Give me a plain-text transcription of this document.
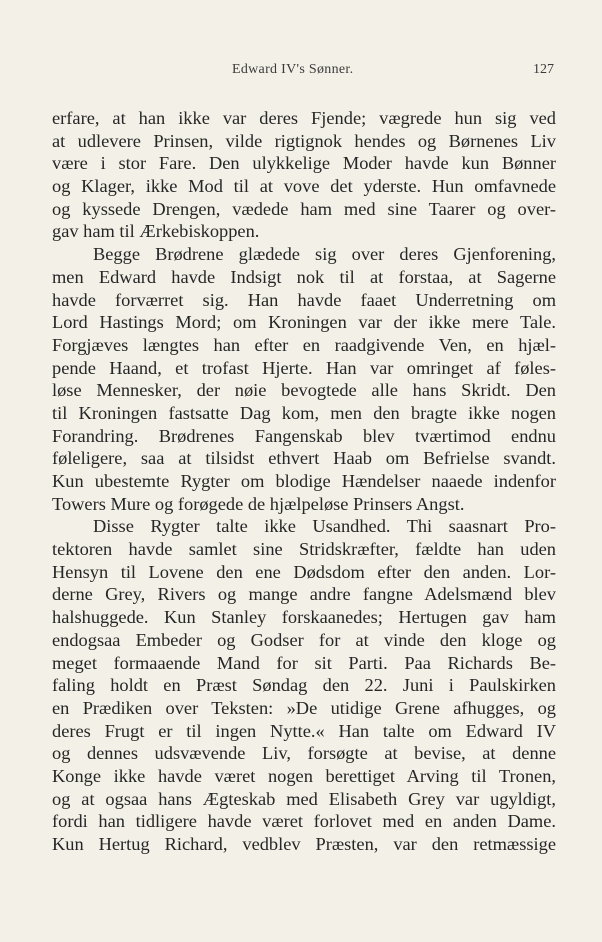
Edward IV's Sønner.	127
erfare, at han ikke var deres Fjende; vægrede hun sig ved
at udlevere Prinsen, vilde rigtignok hendes og Børnenes Liv
være i stor Fare. Den ulykkelige Moder havde kun Bønner
og Klager, ikke Mod til at vove det yderste. Hun omfavnede
og kyssede Drengen, vædede ham med sine Taarer og over-
gav ham til Ærkebiskoppen.
Begge Brødrene glædede sig over deres Gjenforening,
men Edward havde Indsigt nok til at forstaa, at Sagerne
havde forværret sig. Han havde faaet Underretning om
Lord Hastings Mord; om Kroningen var der ikke mere Tale.
Forgjæves længtes han efter en raadgivende Ven, en hjæl-
pende Haand, et trofast Hjerte. Han var omringet af føles-
løse Mennesker, der nøie bevogtede alle hans Skridt. Den
til Kroningen fastsatte Dag kom, men den bragte ikke nogen
Forandring. Brødrenes Fangenskab blev tværtimod endnu
føleligere, saa at tilsidst ethvert Haab om Befrielse svandt.
Kun ubestemte Rygter om blodige Hændelser naaede indenfor
Towers Mure og forøgede de hjælpeløse Prinsers Angst.
Disse Rygter talte ikke Usandhed. Thi saasnart Pro-
tektoren havde samlet sine Stridskræfter, fældte han uden
Hensyn til Lovene den ene Dødsdom efter den anden. Lor-
derne Grey, Rivers og mange andre fangne Adelsmænd blev
halshuggede. Kun Stanley forskaanedes; Hertugen gav ham
endogsaa Embeder og Godser for at vinde den kloge og
meget formaaende Mand for sit Parti. Paa Richards Be-
faling holdt en Præst Søndag den 22. Juni i Paulskirken
en Prædiken over Teksten: »De utidige Grene afhugges, og
deres Frugt er til ingen Nytte.« Han talte om Edward IV
og dennes udsvævende Liv, forsøgte at bevise, at denne
Konge ikke havde været nogen berettiget Arving til Tronen,
og at ogsaa hans Ægteskab med Elisabeth Grey var ugyldigt,
fordi han tidligere havde været forlovet med en anden Dame.
Kun Hertug Richard, vedblev Præsten, var den retmæssige
